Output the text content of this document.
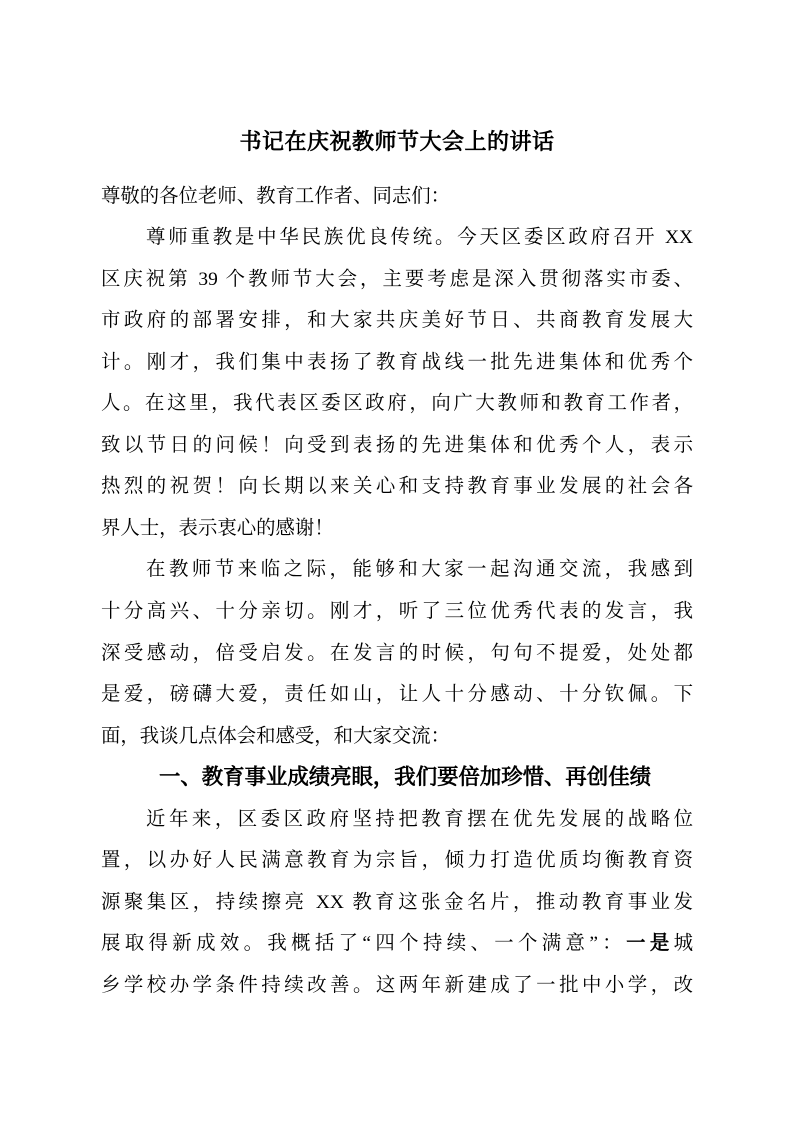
书记在庆祝教师节大会上的讲话
尊敬的各位老师、教育工作者、同志们：
尊师重教是中华民族优良传统。今天区委区政府召开 XX
区庆祝第 39 个教师节大会，主要考虑是深入贯彻落实市委、
市政府的部署安排，和大家共庆美好节日、共商教育发展大
计。刚才，我们集中表扬了教育战线一批先进集体和优秀个
人。在这里，我代表区委区政府，向广大教师和教育工作者，
致以节日的问候！向受到表扬的先进集体和优秀个人，表示
热烈的祝贺！向长期以来关心和支持教育事业发展的社会各
界人士，表示衷心的感谢！
在教师节来临之际，能够和大家一起沟通交流，我感到
十分高兴、十分亲切。刚才，听了三位优秀代表的发言，我
深受感动，倍受启发。在发言的时候，句句不提爱，处处都
是爱，磅礴大爱，责任如山，让人十分感动、十分钦佩。下
面，我谈几点体会和感受，和大家交流：
一、教育事业成绩亮眼，我们要倍加珍惜、再创佳绩
近年来，区委区政府坚持把教育摆在优先发展的战略位
置，以办好人民满意教育为宗旨，倾力打造优质均衡教育资
源聚集区，持续擦亮 XX 教育这张金名片，推动教育事业发
展取得新成效。我概括了“四个持续、一个满意”：一是城
乡学校办学条件持续改善。这两年新建成了一批中小学，改
